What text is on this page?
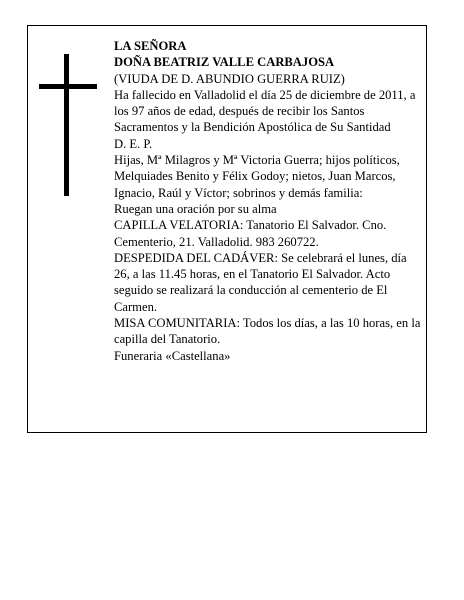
LA SEÑORA

DOÑA BEATRIZ VALLE CARBAJOSA

(VIUDA DE D. ABUNDIO GUERRA RUIZ)

Ha fallecido en Valladolid el día 25 de diciembre de 2011, a los 97 años de edad, después de recibir los Santos Sacramentos y la Bendición Apostólica de Su Santidad

D. E. P.

Hijas, Mª Milagros y Mª Victoria Guerra; hijos políticos, Melquiades Benito y Félix Godoy; nietos, Juan Marcos, Ignacio, Raúl y Víctor; sobrinos y demás familia:

Ruegan una oración por su alma

CAPILLA VELATORIA: Tanatorio El Salvador. Cno. Cementerio, 21. Valladolid. 983 260722.

DESPEDIDA DEL CADÁVER: Se celebrará el lunes, día 26, a las 11.45 horas, en el Tanatorio El Salvador. Acto seguido se realizará la conducción al cementerio de El Carmen.

MISA COMUNITARIA: Todos los días, a las 10 horas, en la capilla del Tanatorio.

Funeraria «Castellana»
